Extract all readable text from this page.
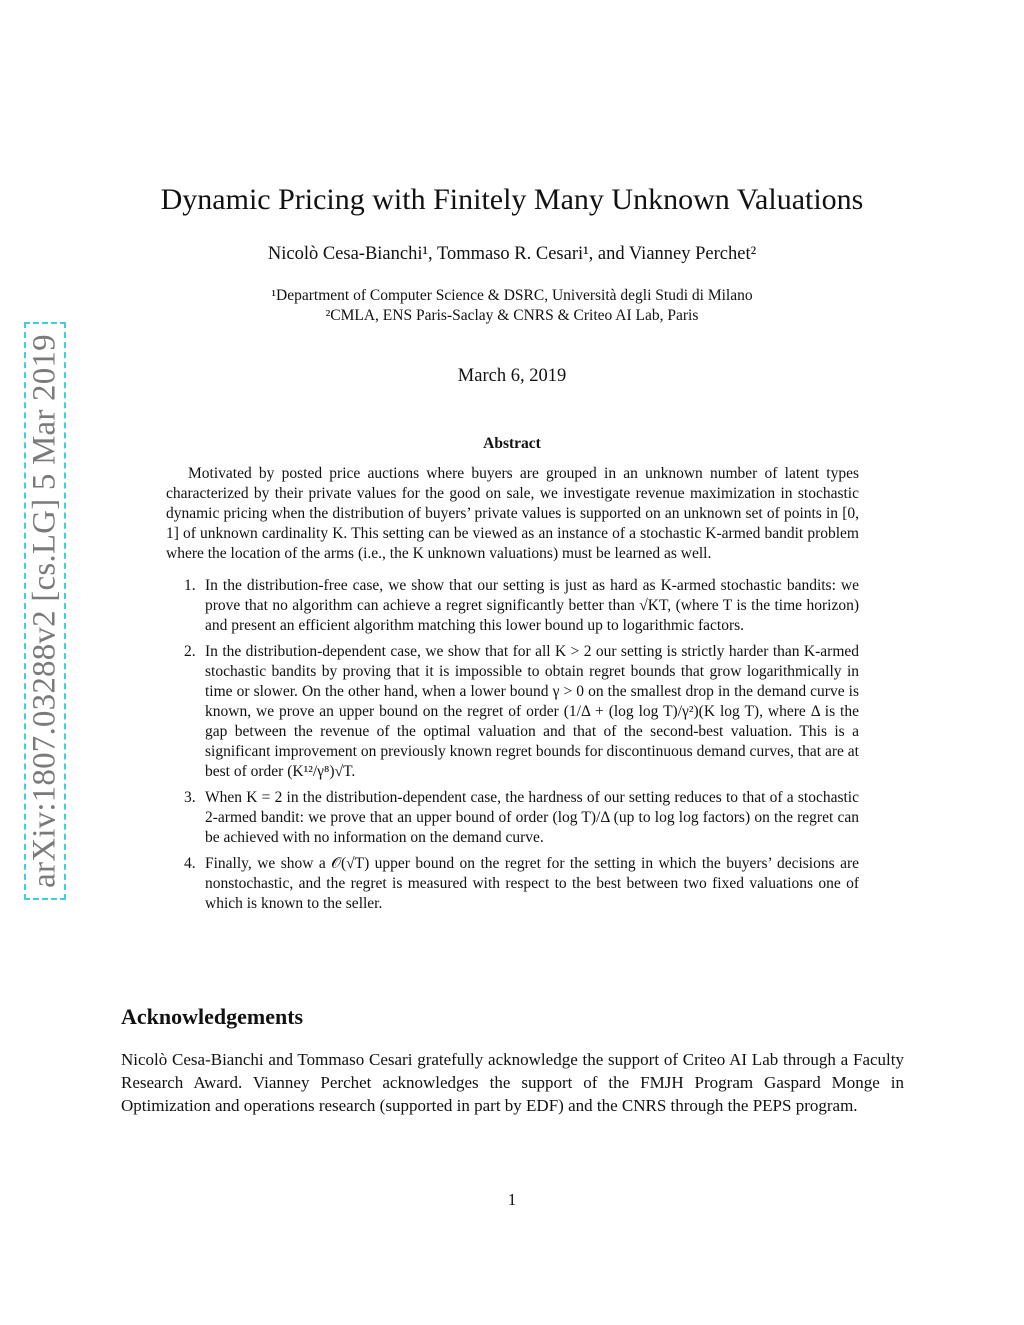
arXiv:1807.03288v2 [cs.LG] 5 Mar 2019
Dynamic Pricing with Finitely Many Unknown Valuations
Nicolò Cesa-Bianchi¹, Tommaso R. Cesari¹, and Vianney Perchet²
¹Department of Computer Science & DSRC, Università degli Studi di Milano
²CMLA, ENS Paris-Saclay & CNRS & Criteo AI Lab, Paris
March 6, 2019
Abstract

Motivated by posted price auctions where buyers are grouped in an unknown number of latent types characterized by their private values for the good on sale, we investigate revenue maximization in stochastic dynamic pricing when the distribution of buyers’ private values is supported on an unknown set of points in [0, 1] of unknown cardinality K. This setting can be viewed as an instance of a stochastic K-armed bandit problem where the location of the arms (i.e., the K unknown valuations) must be learned as well.

1. In the distribution-free case, we show that our setting is just as hard as K-armed stochastic bandits: we prove that no algorithm can achieve a regret significantly better than √KT, (where T is the time horizon) and present an efficient algorithm matching this lower bound up to logarithmic factors.
2. In the distribution-dependent case, we show that for all K > 2 our setting is strictly harder than K-armed stochastic bandits by proving that it is impossible to obtain regret bounds that grow logarithmically in time or slower. On the other hand, when a lower bound γ > 0 on the smallest drop in the demand curve is known, we prove an upper bound on the regret of order (1/Δ + (log log T)/γ²)(K log T), where Δ is the gap between the revenue of the optimal valuation and that of the second-best valuation. This is a significant improvement on previously known regret bounds for discontinuous demand curves, that are at best of order (K¹²/γ⁸)√T.
3. When K = 2 in the distribution-dependent case, the hardness of our setting reduces to that of a stochastic 2-armed bandit: we prove that an upper bound of order (log T)/Δ (up to log log factors) on the regret can be achieved with no information on the demand curve.
4. Finally, we show a 𝒪(√T) upper bound on the regret for the setting in which the buyers’ decisions are nonstochastic, and the regret is measured with respect to the best between two fixed valuations one of which is known to the seller.
Acknowledgements

Nicolò Cesa-Bianchi and Tommaso Cesari gratefully acknowledge the support of Criteo AI Lab through a Faculty Research Award. Vianney Perchet acknowledges the support of the FMJH Program Gaspard Monge in Optimization and operations research (supported in part by EDF) and the CNRS through the PEPS program.

1
